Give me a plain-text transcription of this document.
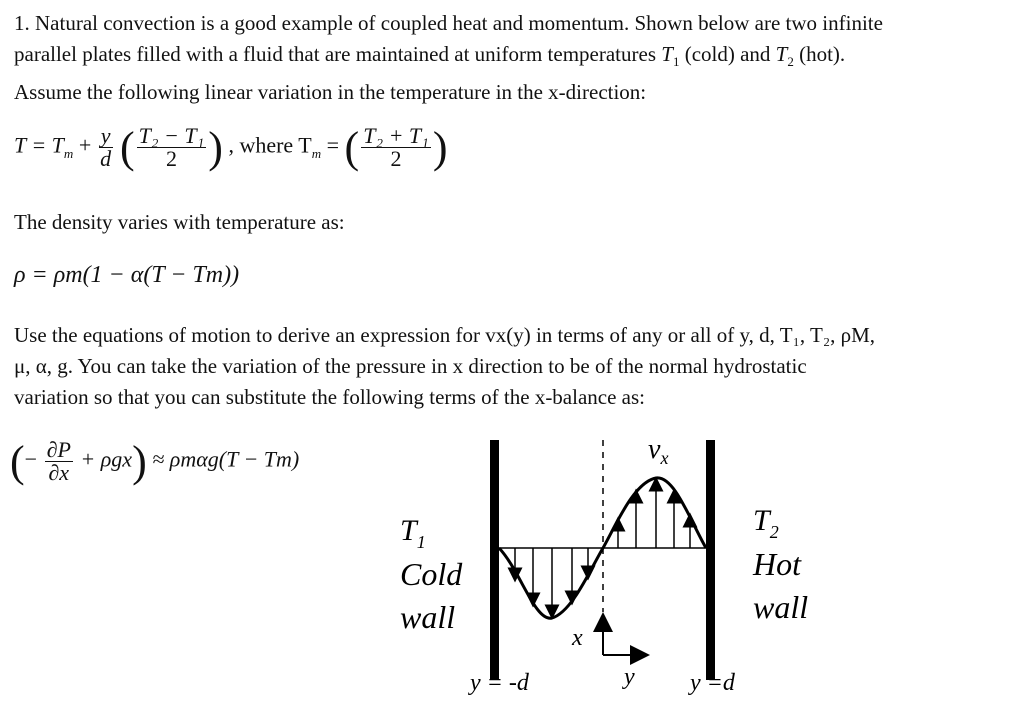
1. Natural convection is a good example of coupled heat and momentum. Shown below are two infinite
parallel plates filled with a fluid that are maintained at uniform temperatures $T_1$ (cold) and $T_2$ (hot).
Assume the following linear variation in the temperature in the x-direction:
$T = T_m + \frac{y}{d}$ ( $\frac{\text{T₂ − T₁}}{2}$ ) , where $T_m$ = ( $\frac{\text{T₂ + T₁}}{2}$ )
The density varies with temperature as:
ρ = ρm(1 − α(T − Tm))
Use the equations of motion to derive an expression for vx(y) in terms of any or all of y, d, T₁, T₂, ρM,
μ, α, g. You can take the variation of the pressure in x direction to be of the normal hydrostatic
variation so that you can substitute the following terms of the x-balance as:
(− $\frac{\partial P}{\partial x} + \rho gx) \approx \rho m\alpha g(T - Tm)$	$v_x$
$T_1$
Cold
wall
$T_2$
Hot
wall
x
y
y = -d	y =d
